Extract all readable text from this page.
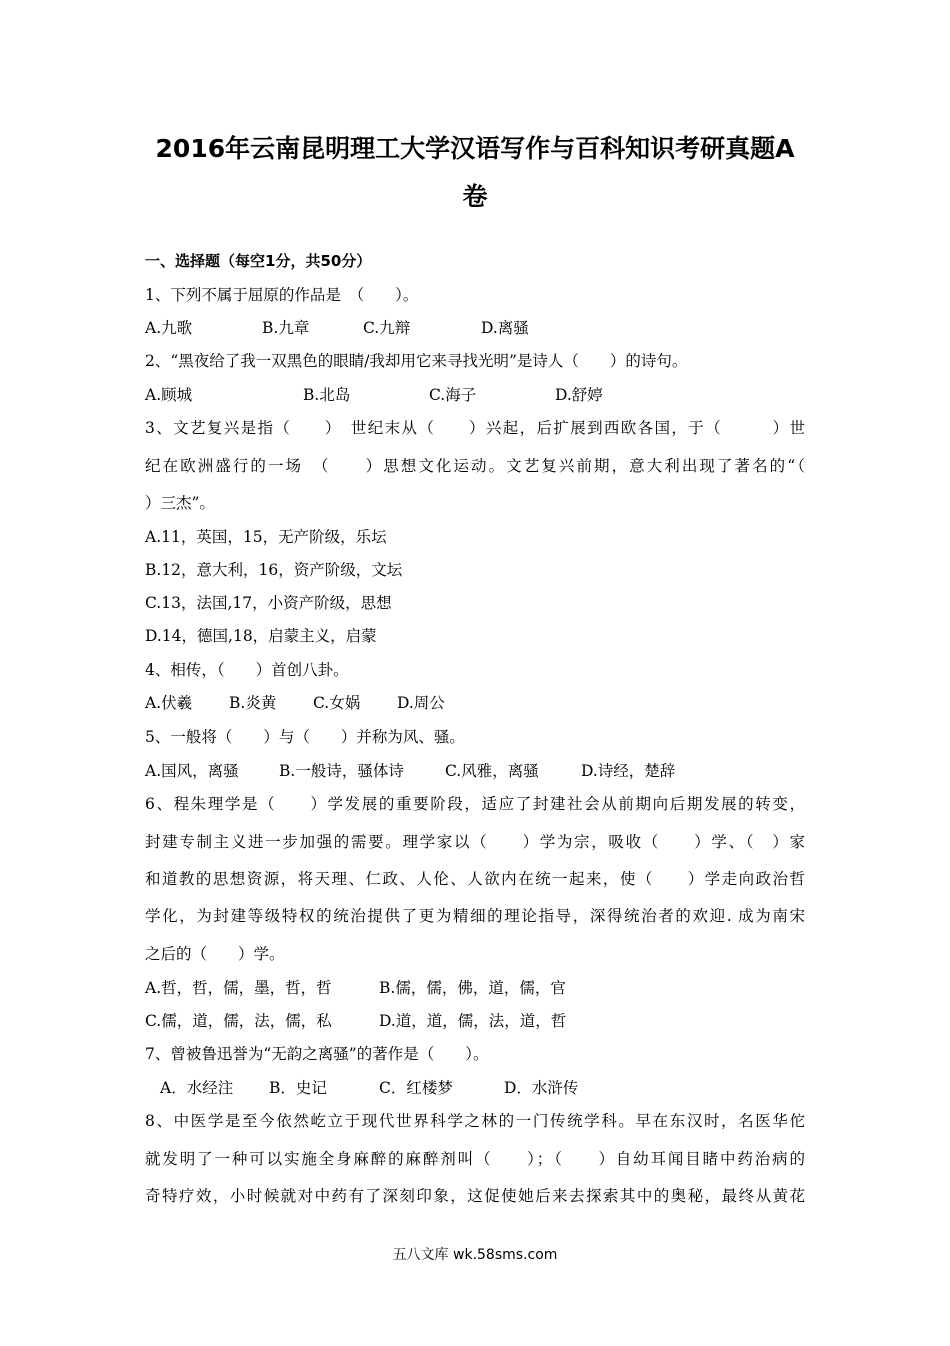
2016年云南昆明理工大学汉语写作与百科知识考研真题A
卷
一、选择题（每空1分，共50分）
1、下列不属于屈原的作品是　（　　）。
A.九歌	B.九章	C.九辩	D.离骚
2、“黑夜给了我一双黑色的眼睛/我却用它来寻找光明”是诗人（　　）的诗句。
A.顾城	B.北岛	C.海子	D.舒婷
3、文艺复兴是指（　　）　世纪末从（　　）兴起，后扩展到西欧各国，于（　　　）世
纪在欧洲盛行的一场　（　　）思想文化运动。文艺复兴前期，意大利出现了著名的“（
）三杰”。
A.11，英国，15，无产阶级，乐坛
B.12，意大利，16，资产阶级，文坛
C.13，法国,17，小资产阶级，思想
D.14，德国,18，启蒙主义，启蒙
4、相传，（　　）首创八卦。
A.伏羲 B.炎黄 C.女娲 D.周公
5、一般将（　　）与（　　）并称为风、骚。
A.国风，离骚	B.一般诗，骚体诗	C.风雅，离骚	D.诗经，楚辞
6、程朱理学是（　　）学发展的重要阶段，适应了封建社会从前期向后期发展的转变，
封建专制主义进一步加强的需要。理学家以（　　）学为宗，吸收（　　）学、（　）家
和道教的思想资源，将天理、仁政、人伦、人欲内在统一起来，使（　　）学走向政治哲
学化，为封建等级特权的统治提供了更为精细的理论指导，深得统治者的欢迎. 成为南宋
之后的（　　）学。
A.哲，哲，儒，墨，哲，哲	B.儒，儒，佛，道，儒，官
C.儒，道，儒，法，儒，私	D.道，道，儒，法，道，哲
7、曾被鲁迅誉为“无韵之离骚”的著作是（　　）。
A．水经注 B．史记	C．红楼梦	D．水浒传
8、中医学是至今依然屹立于现代世界科学之林的一门传统学科。早在东汉时，名医华佗
就发明了一种可以实施全身麻醉的麻醉剂叫（　　）；（　　）自幼耳闻目睹中药治病的
奇特疗效，小时候就对中药有了深刻印象，这促使她后来去探索其中的奥秘，最终从黄花
五八文库 wk.58sms.com
